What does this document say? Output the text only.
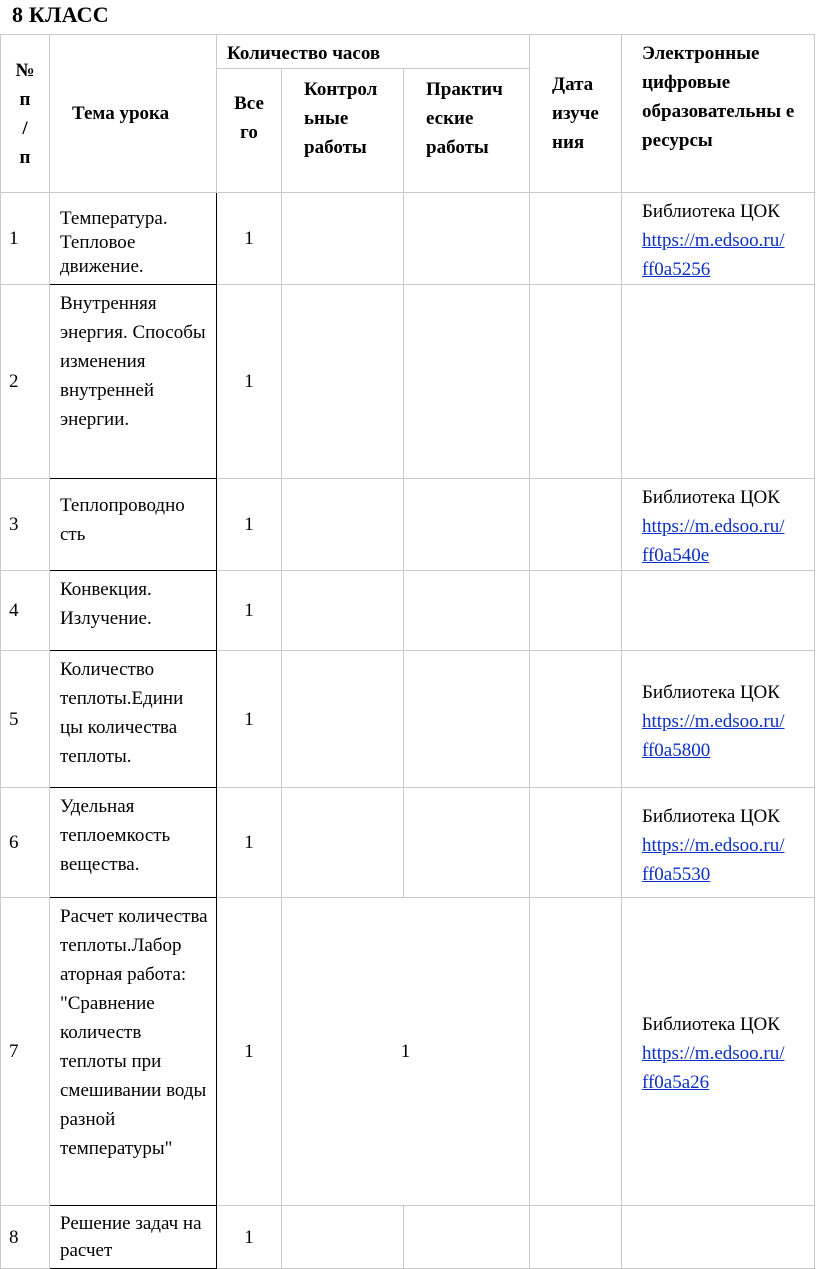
8 КЛАСС
№ п / п	Тема урока	Количество часов			Дата изуче ния	Электронные цифровые образовательны е ресурсы

		Все го	Контрол ьные работы	Практич еские работы		

1	Температура. Тепловое движение.	1				Библиотека ЦОК
https://m.edsoo.ru/ ff0a5256
2	Внутренняя энергия. Способы изменения внутренней энергии.	1				

3	Теплопроводно сть	1				Библиотека ЦОК
https://m.edsoo.ru/ ff0a540e
4	Конвекция. Излучение.	1				

5	Количество теплоты.Едини цы количества теплоты.	1				Библиотека ЦОК
https://m.edsoo.ru/ ff0a5800
6	Удельная теплоемкость вещества.	1				Библиотека ЦОК
https://m.edsoo.ru/ ff0a5530
7	Расчет количества теплоты.Лабор аторная работа: "Сравнение количеств теплоты при смешивании воды разной температуры"	1	1			Библиотека ЦОК
https://m.edsoo.ru/ ff0a5a26
8	Решение задач на расчет	1				
